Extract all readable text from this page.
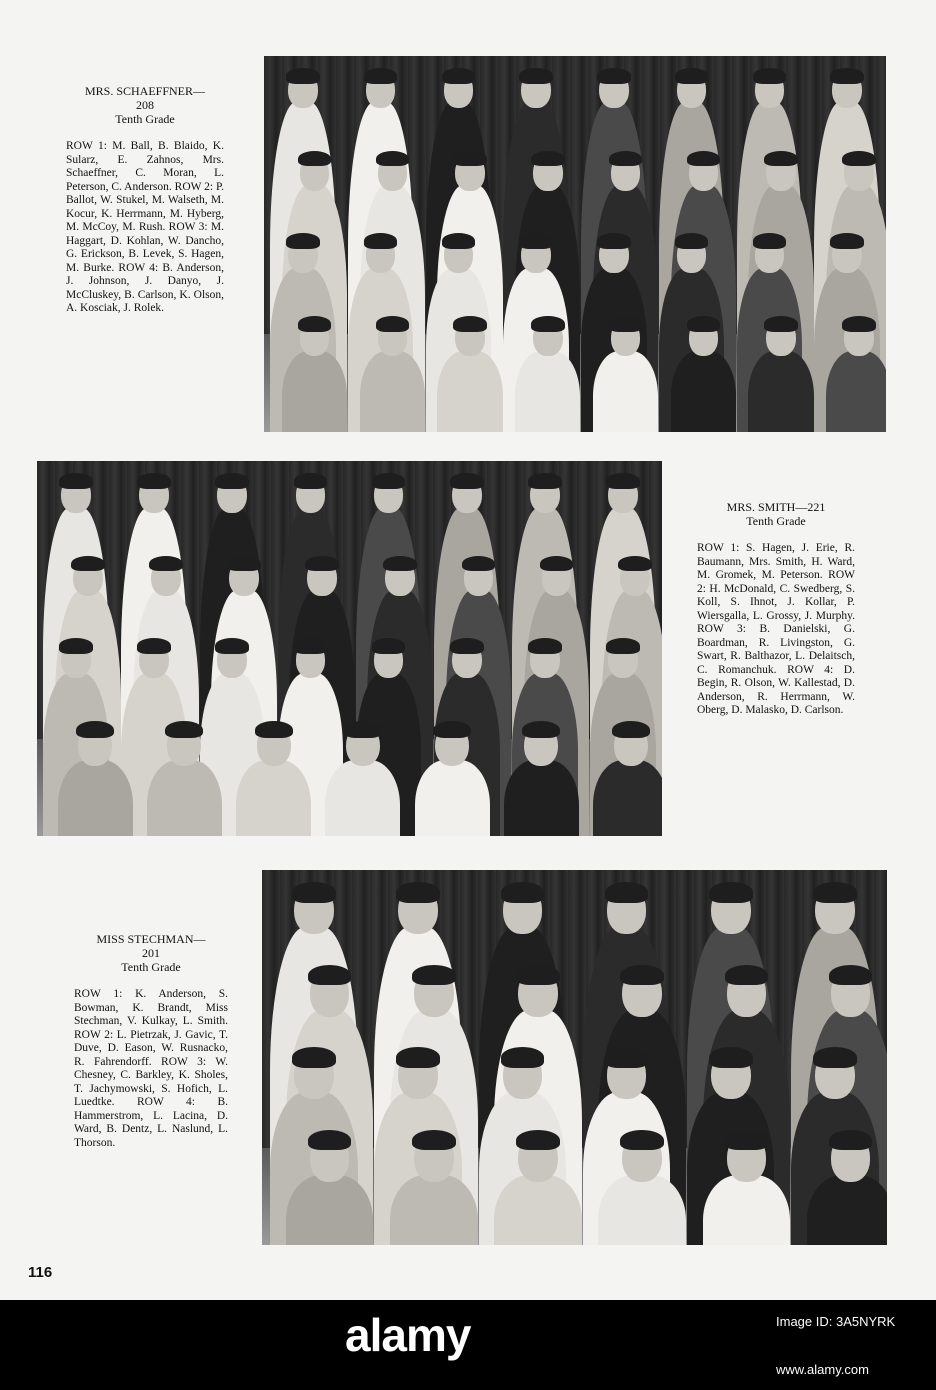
MRS. SCHAEFFNER—
208
Tenth Grade
ROW 1: M. Ball, B. Blaido, K. Sularz, E. Zahnos, Mrs. Schaeffner, C. Moran, L. Peterson, C. Anderson. ROW 2: P. Ballot, W. Stukel, M. Walseth, M. Kocur, K. Herrmann, M. Hyberg, M. McCoy, M. Rush. ROW 3: M. Haggart, D. Kohlan, W. Dancho, G. Erickson, B. Levek, S. Hagen, M. Burke. ROW 4: B. Anderson, J. Johnson, J. Danyo, J. McCluskey, B. Carlson, K. Olson, A. Kosciak, J. Rolek.
MRS. SMITH—221
Tenth Grade
ROW 1: S. Hagen, J. Erie, R. Baumann, Mrs. Smith, H. Ward, M. Gromek, M. Peterson. ROW 2: H. McDonald, C. Swedberg, S. Koll, S. Ihnot, J. Kollar, P. Wiersgalla, L. Grossy, J. Murphy. ROW 3: B. Danielski, G. Boardman, R. Livingston, G. Swart, R. Balthazor, L. Delaitsch, C. Romanchuk. ROW 4: D. Begin, R. Olson, W. Kallestad, D. Anderson, R. Herrmann, W. Oberg, D. Malasko, D. Carlson.
MISS STECHMAN—
201
Tenth Grade
ROW 1: K. Anderson, S. Bowman, K. Brandt, Miss Stechman, V. Kulkay, L. Smith. ROW 2: L. Pietrzak, J. Gavic, T. Duve, D. Eason, W. Rusnacko, R. Fahrendorff. ROW 3: W. Chesney, C. Barkley, K. Sholes, T. Jachymowski, S. Hofich, L. Luedtke. ROW 4: B. Hammerstrom, L. Lacina, D. Ward, B. Dentz, L. Naslund, L. Thorson.
116
alamy	Image ID: 3A5NYRK
www.alamy.com
